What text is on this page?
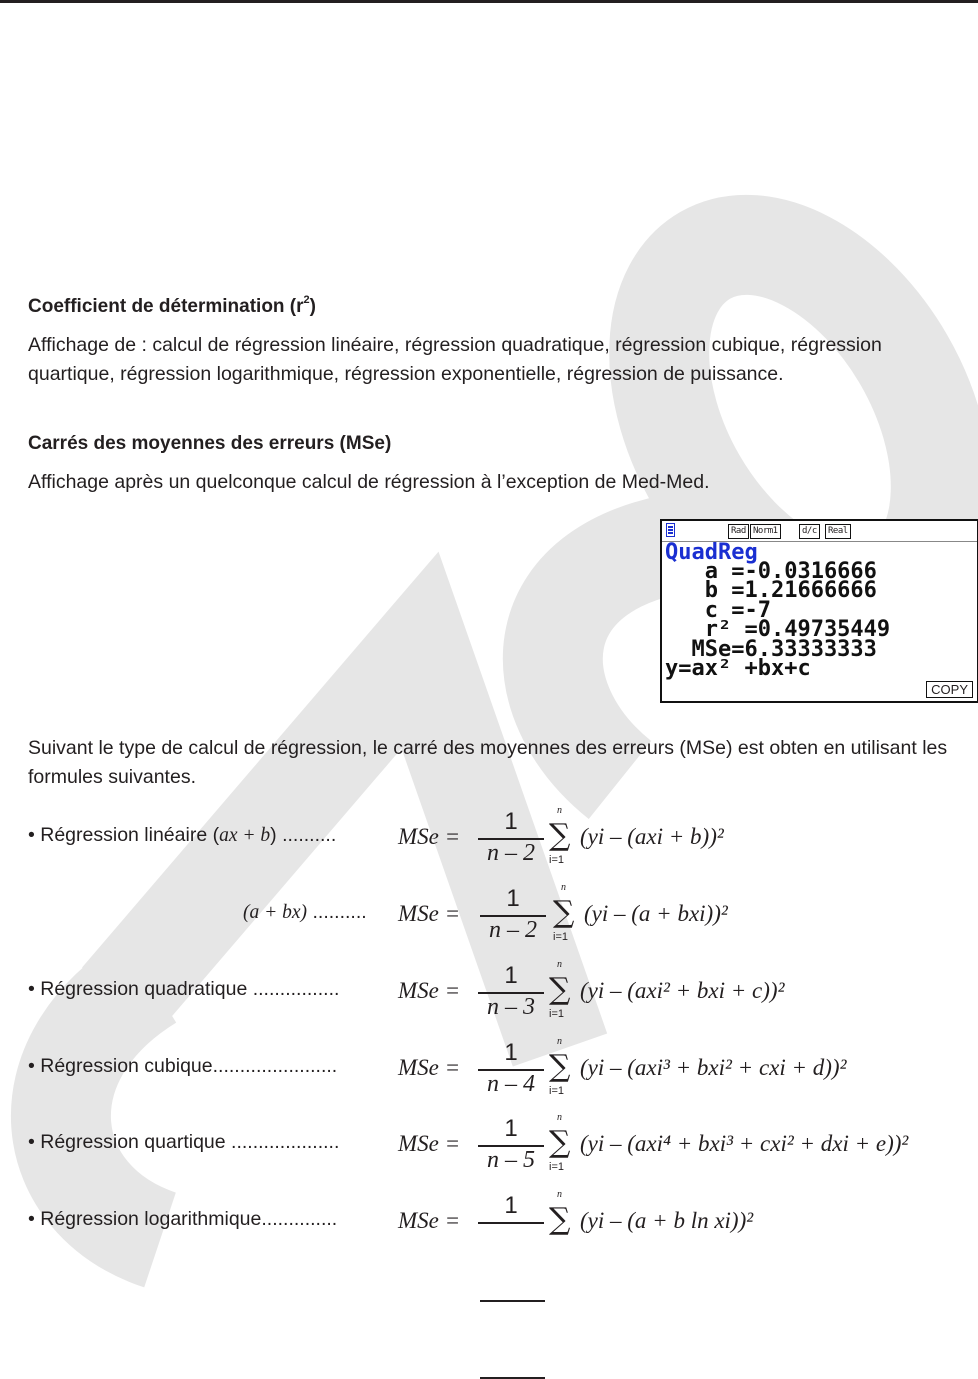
Coefficient de détermination $(r^2)$
Affichage de : calcul de régression linéaire, régression quadratique, régression cubique, régression quartique, régression logarithmique, régression exponentielle, régression de puissance.
Carrés des moyennes des erreurs (MSe)
Affichage après un quelconque calcul de régression à l’exception de Med-Med.
Rad Norm1	d/c	Real
QuadReg
a =-0.0316666
b =1.21666666
c =-7
r² =0.49735449
MSe=6.33333333
y=ax² +bx+c
COPY
Suivant le type de calcul de régression, le carré des moyennes des erreurs (MSe) est obten en utilisant les formules suivantes.
• Régression linéaire (ax + b) ..........	MSe =
1
n – 2 ∑
n
i=1
(yi – (axi + b))²
(a + bx) .......... MSe =
1
n – 2 ∑
n
i=1
(yi – (a + bxi))²
• Régression quadratique ................	MSe =
1
n – 3 ∑
n
i=1
(yi – (axi² + bxi + c))²
• Régression cubique.......................	MSe =
1
n – 4 ∑
n
i=1
(yi – (axi³ + bxi² + cxi + d))²
• Régression quartique ....................	MSe =
1
n – 5 ∑
n
i=1
(yi – (axi⁴ + bxi³ + cxi² + dxi + e))²
• Régression logarithmique..............	MSe =
1	∑
n
(yi – (a + b ln xi))²
